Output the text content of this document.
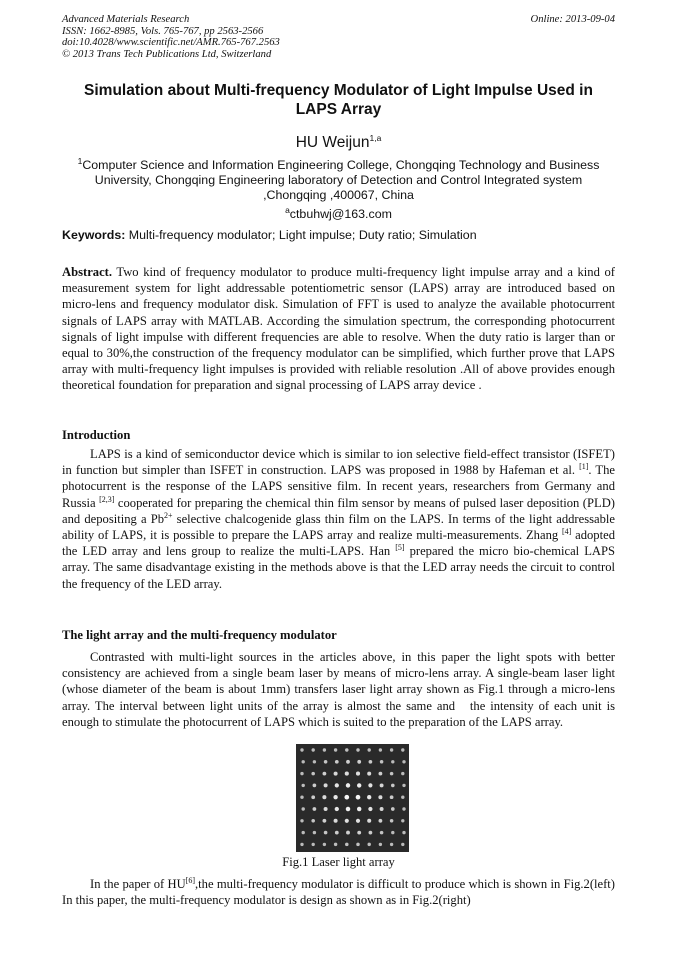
Advanced Materials Research
ISSN: 1662-8985, Vols. 765-767, pp 2563-2566
doi:10.4028/www.scientific.net/AMR.765-767.2563
© 2013 Trans Tech Publications Ltd, Switzerland
Online: 2013-09-04
Simulation about Multi-frequency Modulator of Light Impulse Used in LAPS Array
HU Weijun$^{1,a}$
$^1$Computer Science and Information Engineering College, Chongqing Technology and Business University, Chongqing Engineering laboratory of Detection and Control Integrated system ,Chongqing ,400067, China
$^a$ctbuhwj@163.com
Keywords: Multi-frequency modulator; Light impulse; Duty ratio; Simulation
Abstract. Two kind of frequency modulator to produce multi-frequency light impulse array and a kind of measurement system for light addressable potentiometric sensor (LAPS) array are introduced based on micro-lens and frequency modulator disk. Simulation of FFT is used to analyze the available photocurrent signals of LAPS array with MATLAB. According the simulation spectrum, the corresponding photocurrent signals of light impulse with different frequencies are able to resolve. When the duty ratio is larger than or equal to 30%,the construction of the frequency modulator can be simplified, which further prove that LAPS array with multi-frequency light impulses is provided with reliable resolution .All of above provides enough theoretical foundation for preparation and signal processing of LAPS array device .
Introduction
LAPS is a kind of semiconductor device which is similar to ion selective field-effect transistor (ISFET) in function but simpler than ISFET in construction. LAPS was proposed in 1988 by Hafeman et al. [1]. The photocurrent is the response of the LAPS sensitive film. In recent years, researchers from Germany and Russia [2,3] cooperated for preparing the chemical thin film sensor by means of pulsed laser deposition (PLD) and depositing a $Pb^{2+}$ selective chalcogenide glass thin film on the LAPS. In terms of the light addressable ability of LAPS, it is possible to prepare the LAPS array and realize multi-measurements. Zhang [4] adopted the LED array and lens group to realize the multi-LAPS. Han [5] prepared the micro bio-chemical LAPS array. The same disadvantage existing in the methods above is that the LED array needs the circuit to control the frequency of the LED array.
The light array and the multi-frequency modulator
Contrasted with multi-light sources in the articles above, in this paper the light spots with better consistency are achieved from a single beam laser by means of micro-lens array. A single-beam laser light (whose diameter of the beam is about 1mm) transfers laser light array shown as Fig.1 through a micro-lens array. The interval between light units of the array is almost the same and   the intensity of each unit is enough to stimulate the photocurrent of LAPS which is suited to the preparation of the LAPS array.
Fig.1 Laser light array
In the paper of HU[6],the multi-frequency modulator is difficult to produce which is shown in Fig.2(left) In this paper, the multi-frequency modulator is design as shown as in Fig.2(right)
